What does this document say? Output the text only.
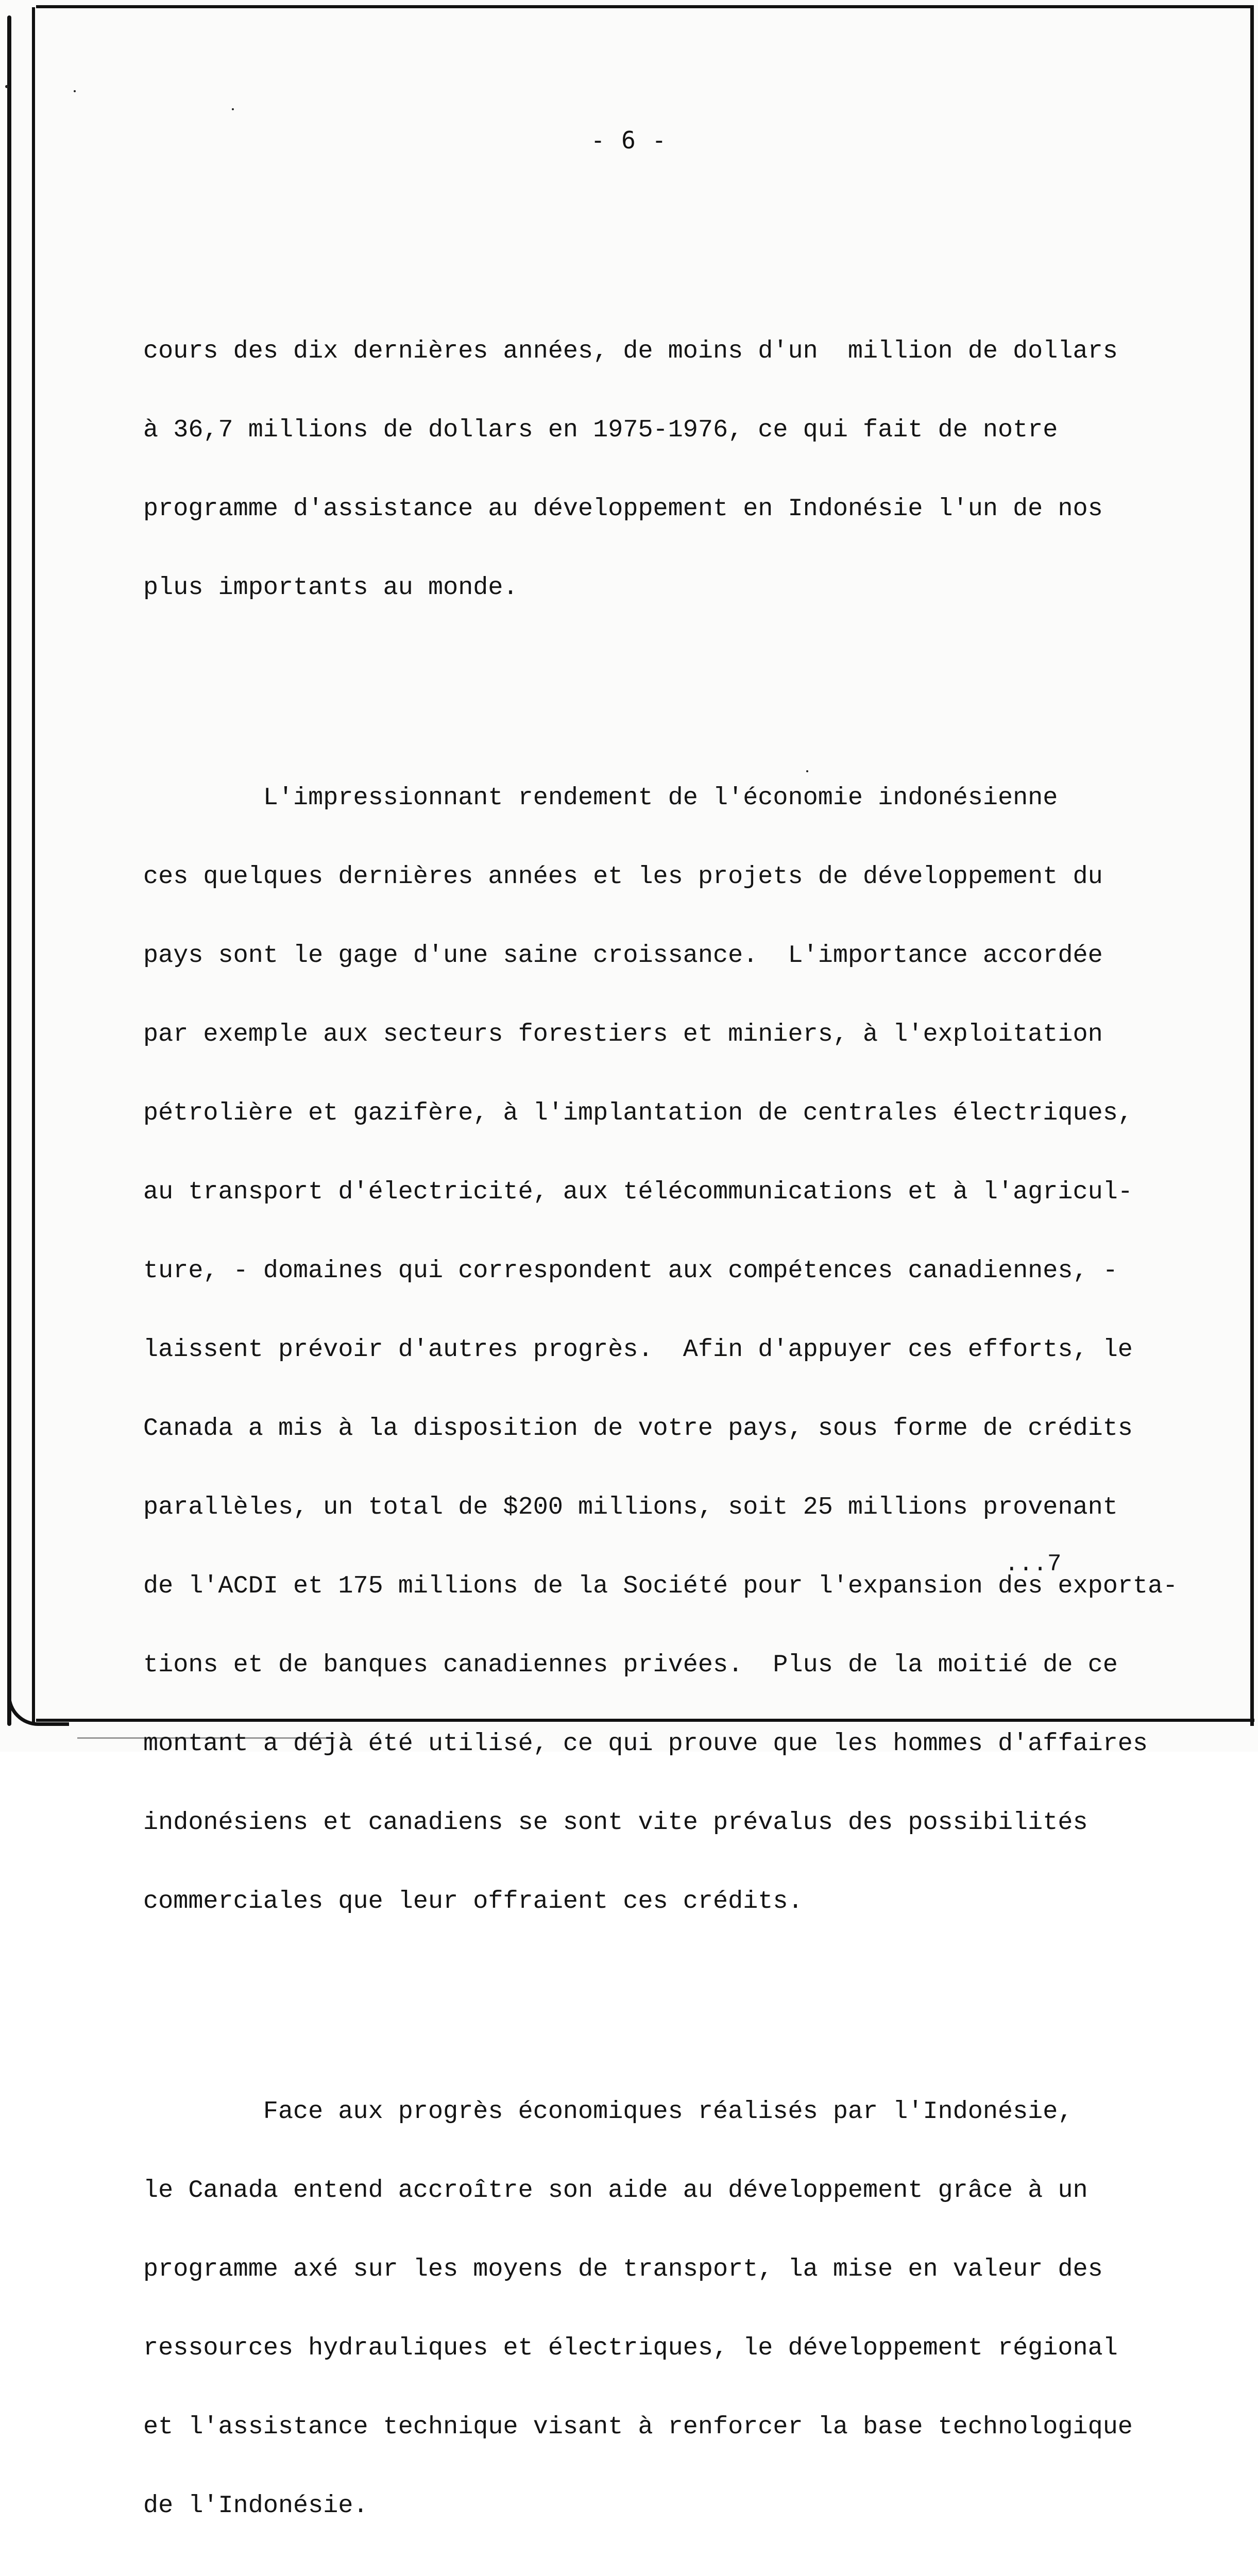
- 6 -

cours des dix dernières années, de moins d'un  million de dollars

à 36,7 millions de dollars en 1975-1976, ce qui fait de notre

programme d'assistance au développement en Indonésie l'un de nos

plus importants au monde.

L'impressionnant rendement de l'économie indonésienne

ces quelques dernières années et les projets de développement du

pays sont le gage d'une saine croissance.  L'importance accordée

par exemple aux secteurs forestiers et miniers, à l'exploitation

pétrolière et gazifère, à l'implantation de centrales électriques,

au transport d'électricité, aux télécommunications et à l'agricul-

ture, - domaines qui correspondent aux compétences canadiennes, -

laissent prévoir d'autres progrès.  Afin d'appuyer ces efforts, le

Canada a mis à la disposition de votre pays, sous forme de crédits

parallèles, un total de $200 millions, soit 25 millions provenant

de l'ACDI et 175 millions de la Société pour l'expansion des exporta-

tions et de banques canadiennes privées.  Plus de la moitié de ce

montant a déjà été utilisé, ce qui prouve que les hommes d'affaires

indonésiens et canadiens se sont vite prévalus des possibilités

commerciales que leur offraient ces crédits.

Face aux progrès économiques réalisés par l'Indonésie,

le Canada entend accroître son aide au développement grâce à un

programme axé sur les moyens de transport, la mise en valeur des

ressources hydrauliques et électriques, le développement régional

et l'assistance technique visant à renforcer la base technologique

de l'Indonésie.

...7
